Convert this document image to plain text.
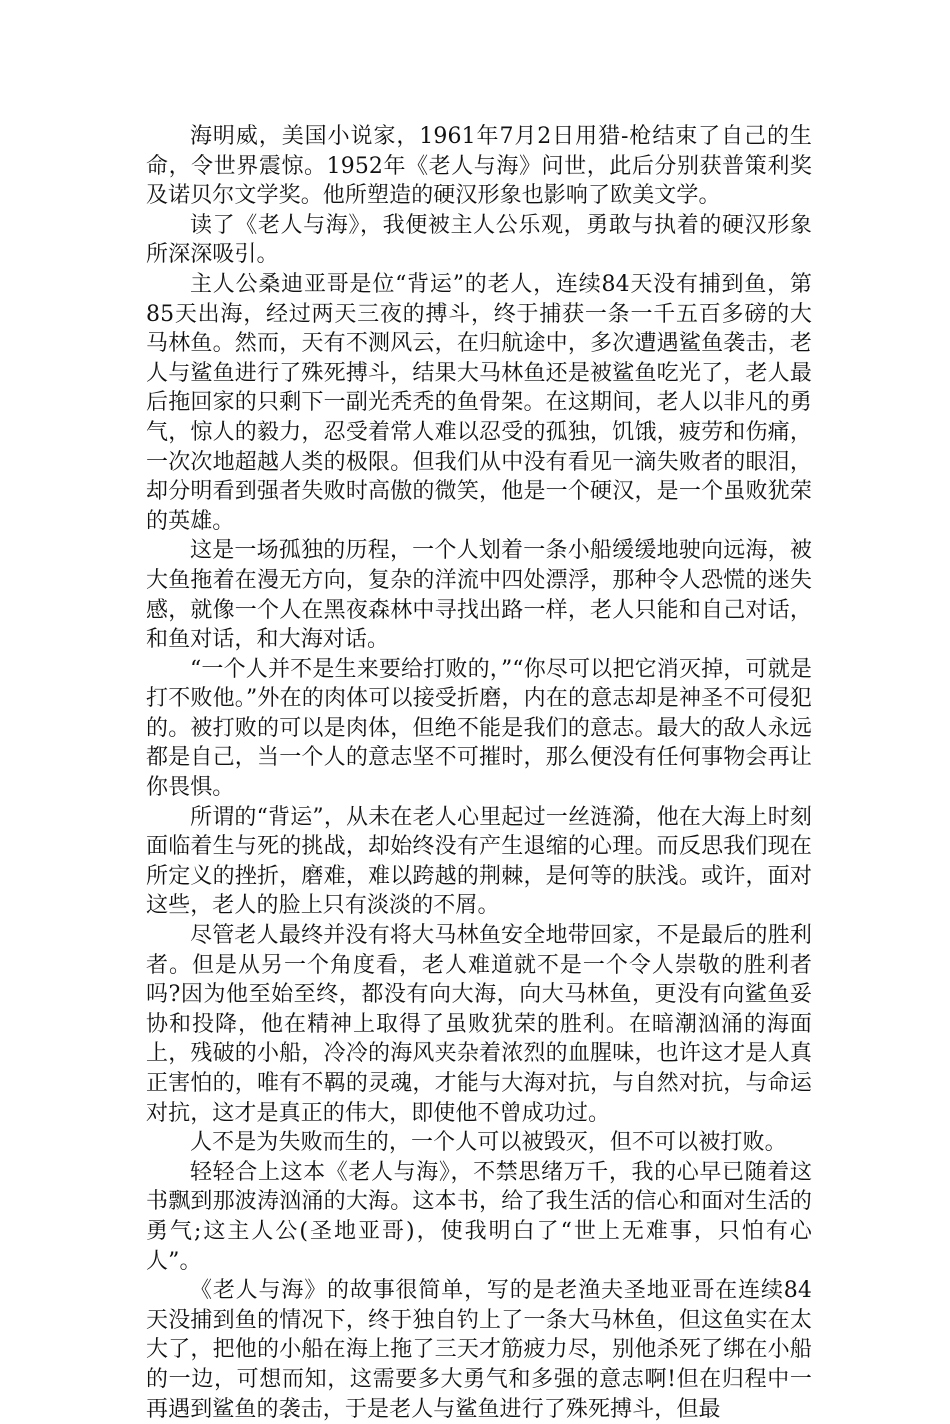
海明威，美国小说家，1961年7月2日用猎-枪结束了自己的生命，令世界震惊。1952年《老人与海》问世，此后分别获普策利奖及诺贝尔文学奖。他所塑造的硬汉形象也影响了欧美文学。

读了《老人与海》，我便被主人公乐观，勇敢与执着的硬汉形象所深深吸引。

主人公桑迪亚哥是位“背运”的老人，连续84天没有捕到鱼，第85天出海，经过两天三夜的搏斗，终于捕获一条一千五百多磅的大马林鱼。然而，天有不测风云，在归航途中，多次遭遇鲨鱼袭击，老人与鲨鱼进行了殊死搏斗，结果大马林鱼还是被鲨鱼吃光了，老人最后拖回家的只剩下一副光秃秃的鱼骨架。在这期间，老人以非凡的勇气，惊人的毅力，忍受着常人难以忍受的孤独，饥饿，疲劳和伤痛，一次次地超越人类的极限。但我们从中没有看见一滴失败者的眼泪，却分明看到强者失败时高傲的微笑，他是一个硬汉，是一个虽败犹荣的英雄。

这是一场孤独的历程，一个人划着一条小船缓缓地驶向远海，被大鱼拖着在漫无方向，复杂的洋流中四处漂浮，那种令人恐慌的迷失感，就像一个人在黑夜森林中寻找出路一样，老人只能和自己对话，和鱼对话，和大海对话。

“一个人并不是生来要给打败的，”“你尽可以把它消灭掉，可就是打不败他。”外在的肉体可以接受折磨，内在的意志却是神圣不可侵犯的。被打败的可以是肉体，但绝不能是我们的意志。最大的敌人永远都是自己，当一个人的意志坚不可摧时，那么便没有任何事物会再让你畏惧。

所谓的“背运”，从未在老人心里起过一丝涟漪，他在大海上时刻面临着生与死的挑战，却始终没有产生退缩的心理。而反思我们现在所定义的挫折，磨难，难以跨越的荆棘，是何等的肤浅。或许，面对这些，老人的脸上只有淡淡的不屑。

尽管老人最终并没有将大马林鱼安全地带回家，不是最后的胜利者。但是从另一个角度看，老人难道就不是一个令人崇敬的胜利者吗?因为他至始至终，都没有向大海，向大马林鱼，更没有向鲨鱼妥协和投降，他在精神上取得了虽败犹荣的胜利。在暗潮汹涌的海面上，残破的小船，冷冷的海风夹杂着浓烈的血腥味，也许这才是人真正害怕的，唯有不羁的灵魂，才能与大海对抗，与自然对抗，与命运对抗，这才是真正的伟大，即使他不曾成功过。

人不是为失败而生的，一个人可以被毁灭，但不可以被打败。

轻轻合上这本《老人与海》，不禁思绪万千，我的心早已随着这书飘到那波涛汹涌的大海。这本书，给了我生活的信心和面对生活的勇气;这主人公(圣地亚哥)，使我明白了“世上无难事，只怕有心人”。

《老人与海》的故事很简单，写的是老渔夫圣地亚哥在连续84天没捕到鱼的情况下，终于独自钓上了一条大马林鱼，但这鱼实在太大了，把他的小船在海上拖了三天才筋疲力尽，别他杀死了绑在小船的一边，可想而知，这需要多大勇气和多强的意志啊!但在归程中一再遇到鲨鱼的袭击，于是老人与鲨鱼进行了殊死搏斗，但最
